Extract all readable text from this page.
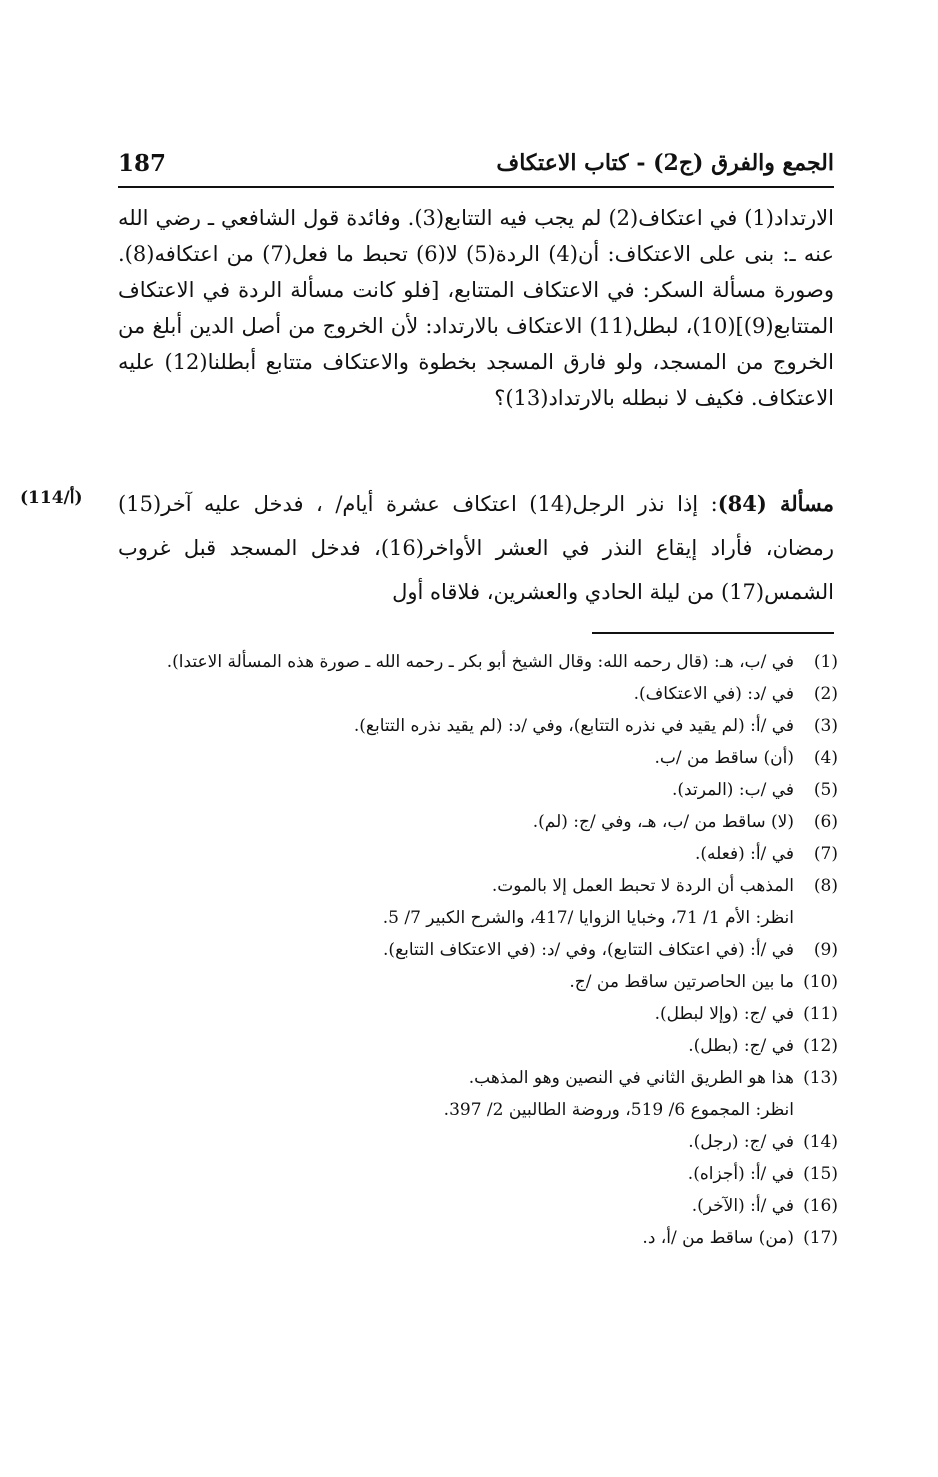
187	الجمع والفرق (ج2) - كتاب الاعتكاف

الارتداد(1) في اعتكاف(2) لم يجب فيه التتابع(3). وفائدة قول الشافعي ـ رضي الله عنه ـ: بنى على الاعتكاف: أن(4) الردة(5) لا(6) تحبط ما فعل(7) من اعتكافه(8). وصورة مسألة السكر: في الاعتكاف المتتابع، [فلو كانت مسألة الردة في الاعتكاف المتتابع(9)](10)، لبطل(11) الاعتكاف بالارتداد: لأن الخروج من أصل الدين أبلغ من الخروج من المسجد، ولو فارق المسجد بخطوة والاعتكاف متتابع أبطلنا(12) عليه الاعتكاف. فكيف لا نبطله بالارتداد(13)؟

(114/أ)	مسألة (84): إذا نذر الرجل(14) اعتكاف عشرة أيام/ ، فدخل عليه آخر(15) رمضان، فأراد إيقاع النذر في العشر الأواخر(16)، فدخل المسجد قبل غروب الشمس(17) من ليلة الحادي والعشرين، فلاقاه أول

(1)
في /ب، هـ: (قال رحمه الله: وقال الشيخ أبو بكر ـ رحمه الله ـ صورة هذه المسألة الاعتدا).
(2)
في /د: (في الاعتكاف).
(3)
في /أ: (لم يقيد في نذره التتابع)، وفي /د: (لم يقيد نذره التتابع).
(4)
(أن) ساقط من /ب.
(5)
في /ب: (المرتد).
(6)
(لا) ساقط من /ب، هـ، وفي /ج: (لم).
(7)
في /أ: (فعله).
(8)
المذهب أن الردة لا تحبط العمل إلا بالموت.
انظر: الأم 1/ 71، وخبايا الزوايا /417، والشرح الكبير 7/ 5.
(9)
في /أ: (في اعتكاف التتابع)، وفي /د: (في الاعتكاف التتابع).
(10)
ما بين الحاصرتين ساقط من /ج.
(11)
في /ج: (وإلا لبطل).
(12)
في /ج: (بطل).
(13)
هذا هو الطريق الثاني في النصين وهو المذهب.
انظر: المجموع 6/ 519، وروضة الطالبين 2/ 397.
(14)
في /ج: (رجل).
(15)
في /أ: (أجزاه).
(16)
في /أ: (الآخر).
(17)
(من) ساقط من /أ، د.
